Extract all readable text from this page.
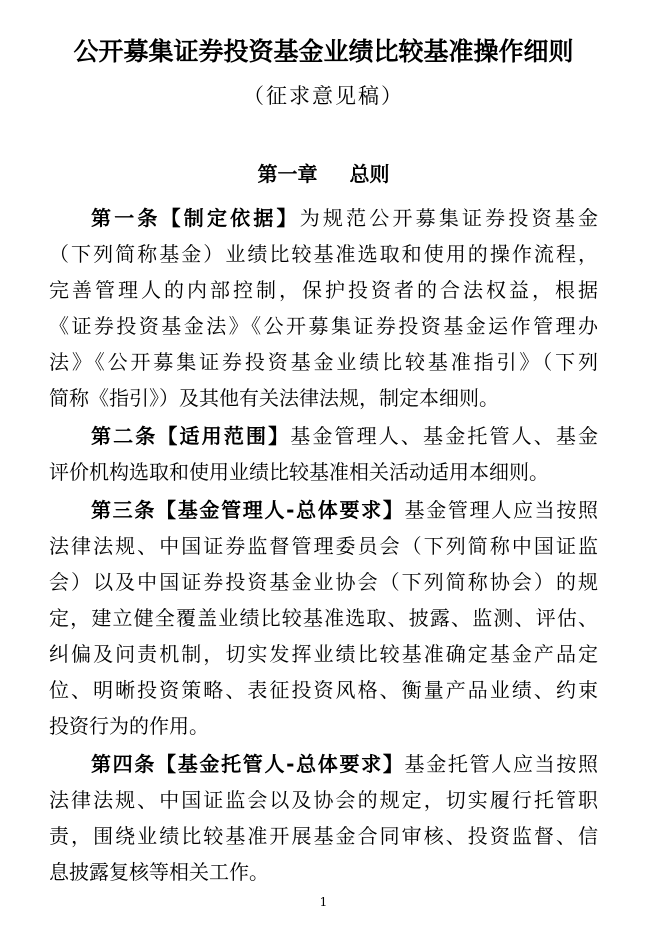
公开募集证券投资基金业绩比较基准操作细则
（征求意见稿）
第一章 总则
第一条【制定依据】为规范公开募集证券投资基金
（下列简称基金）业绩比较基准选取和使用的操作流程，
完善管理人的内部控制，保护投资者的合法权益，根据
《证券投资基金法》《公开募集证券投资基金运作管理办
法》《公开募集证券投资基金业绩比较基准指引》（下列
简称《指引》）及其他有关法律法规，制定本细则。
第二条【适用范围】基金管理人、基金托管人、基金
评价机构选取和使用业绩比较基准相关活动适用本细则。
第三条【基金管理人-总体要求】基金管理人应当按照
法律法规、中国证券监督管理委员会（下列简称中国证监
会）以及中国证券投资基金业协会（下列简称协会）的规
定，建立健全覆盖业绩比较基准选取、披露、监测、评估、
纠偏及问责机制，切实发挥业绩比较基准确定基金产品定
位、明晰投资策略、表征投资风格、衡量产品业绩、约束
投资行为的作用。
第四条【基金托管人-总体要求】基金托管人应当按照
法律法规、中国证监会以及协会的规定，切实履行托管职
责，围绕业绩比较基准开展基金合同审核、投资监督、信
息披露复核等相关工作。
1
